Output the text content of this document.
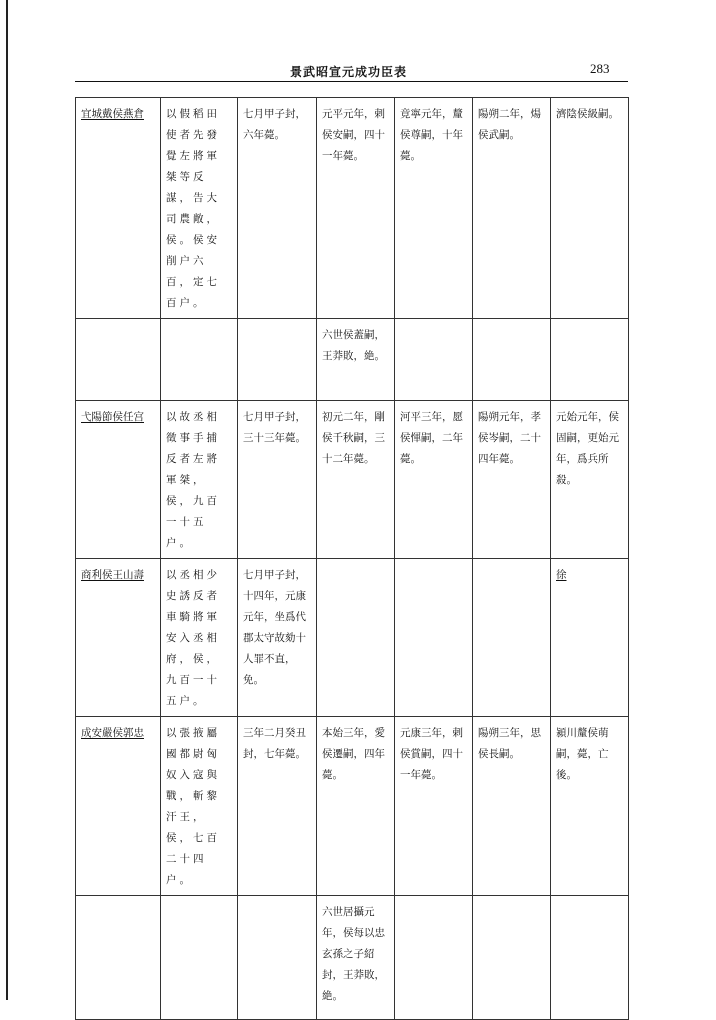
景武昭宣元成功臣表	283
宜城戴侯燕倉	以假稻田使者先發覺左將軍桀等反謀，告大司農敞，侯。侯安削户六百，定七百户。	七月甲子封，六年薨。	元平元年，剌侯安嗣，四十一年薨。	竟寧元年，釐侯尊嗣，十年薨。	陽朔二年，煬侯武嗣。	濟陰侯級嗣。
			六世侯蓋嗣，王莽敗，絶。			
弋陽節侯任宫	以故丞相徵事手捕反者左將軍桀，侯，九百一十五户。	七月甲子封，三十三年薨。	初元二年，剛侯千秋嗣，三十二年薨。	河平三年，愿侯惲嗣，二年薨。	陽朔元年，孝侯岑嗣，二十四年薨。	元始元年，侯固嗣，更始元年，爲兵所殺。
商利侯王山壽	以丞相少史誘反者車騎將軍安入丞相府，侯，九百一十五户。	七月甲子封，十四年，元康元年，坐爲代郡太守故劾十人罪不直，免。				徐
成安嚴侯郭忠	以張掖屬國都尉匈奴入寇與戰，斬黎汗王，侯，七百二十四户。	三年二月癸丑封，七年薨。	本始三年，愛侯遷嗣，四年薨。	元康三年，剌侯賞嗣，四十一年薨。	陽朔三年，思侯長嗣。	潁川釐侯萌嗣，薨，亡後。
			六世居攝元年，侯每以忠玄孫之子紹封，王莽敗，絶。			
